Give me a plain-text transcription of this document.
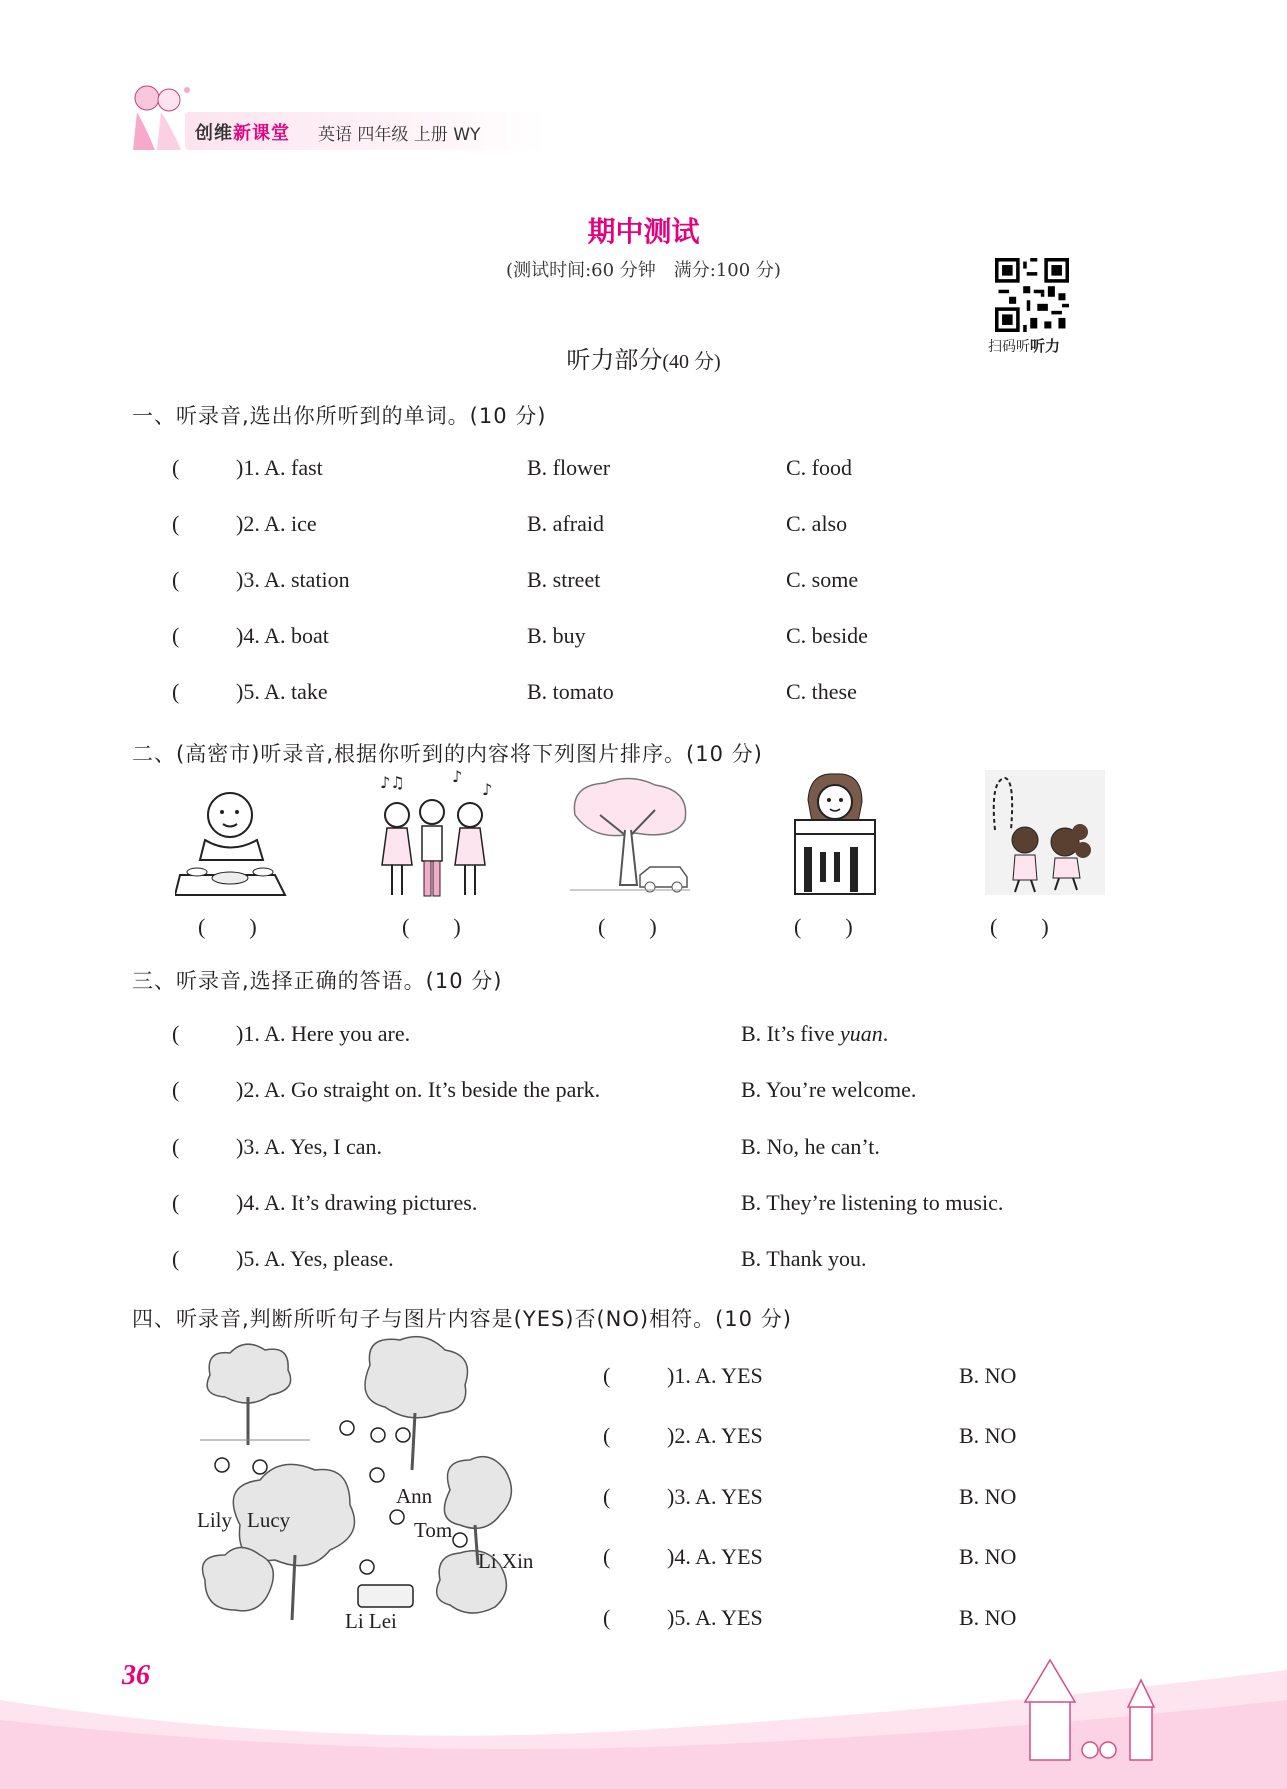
创维新课堂 英语 四年级 上册 WY
期中测试
(测试时间:60 分钟　满分:100 分)
扫码听听力
听力部分(40 分)
一、听录音,选出你所听到的单词。(10 分)
(	)1. A. fast	B. flower	C. food
(	)2. A. ice	B. afraid	C. also
(	)3. A. station	B. street	C. some
(	)4. A. boat	B. buy	C. beside
(	)5. A. take	B. tomato	C. these
二、(高密市)听录音,根据你听到的内容将下列图片排序。(10 分)
♪♫	♪
♪
(　　)	(　　)	(　　)	(　　)	(　　)
三、听录音,选择正确的答语。(10 分)
(	)1. A. Here you are.	B. It’s five yuan.
(	)2. A. Go straight on. It’s beside the park.	B. You’re welcome.
(	)3. A. Yes, I can.	B. No, he can’t.
(	)4. A. It’s drawing pictures.	B. They’re listening to music.
(	)5. A. Yes, please.	B. Thank you.
四、听录音,判断所听句子与图片内容是(YES)否(NO)相符。(10 分)
Lily Lucy
Ann
Tom
Li Xin
Li Lei
(	)1. A. YES	B. NO
(	)2. A. YES	B. NO
(	)3. A. YES	B. NO
(	)4. A. YES	B. NO
(	)5. A. YES	B. NO
36
